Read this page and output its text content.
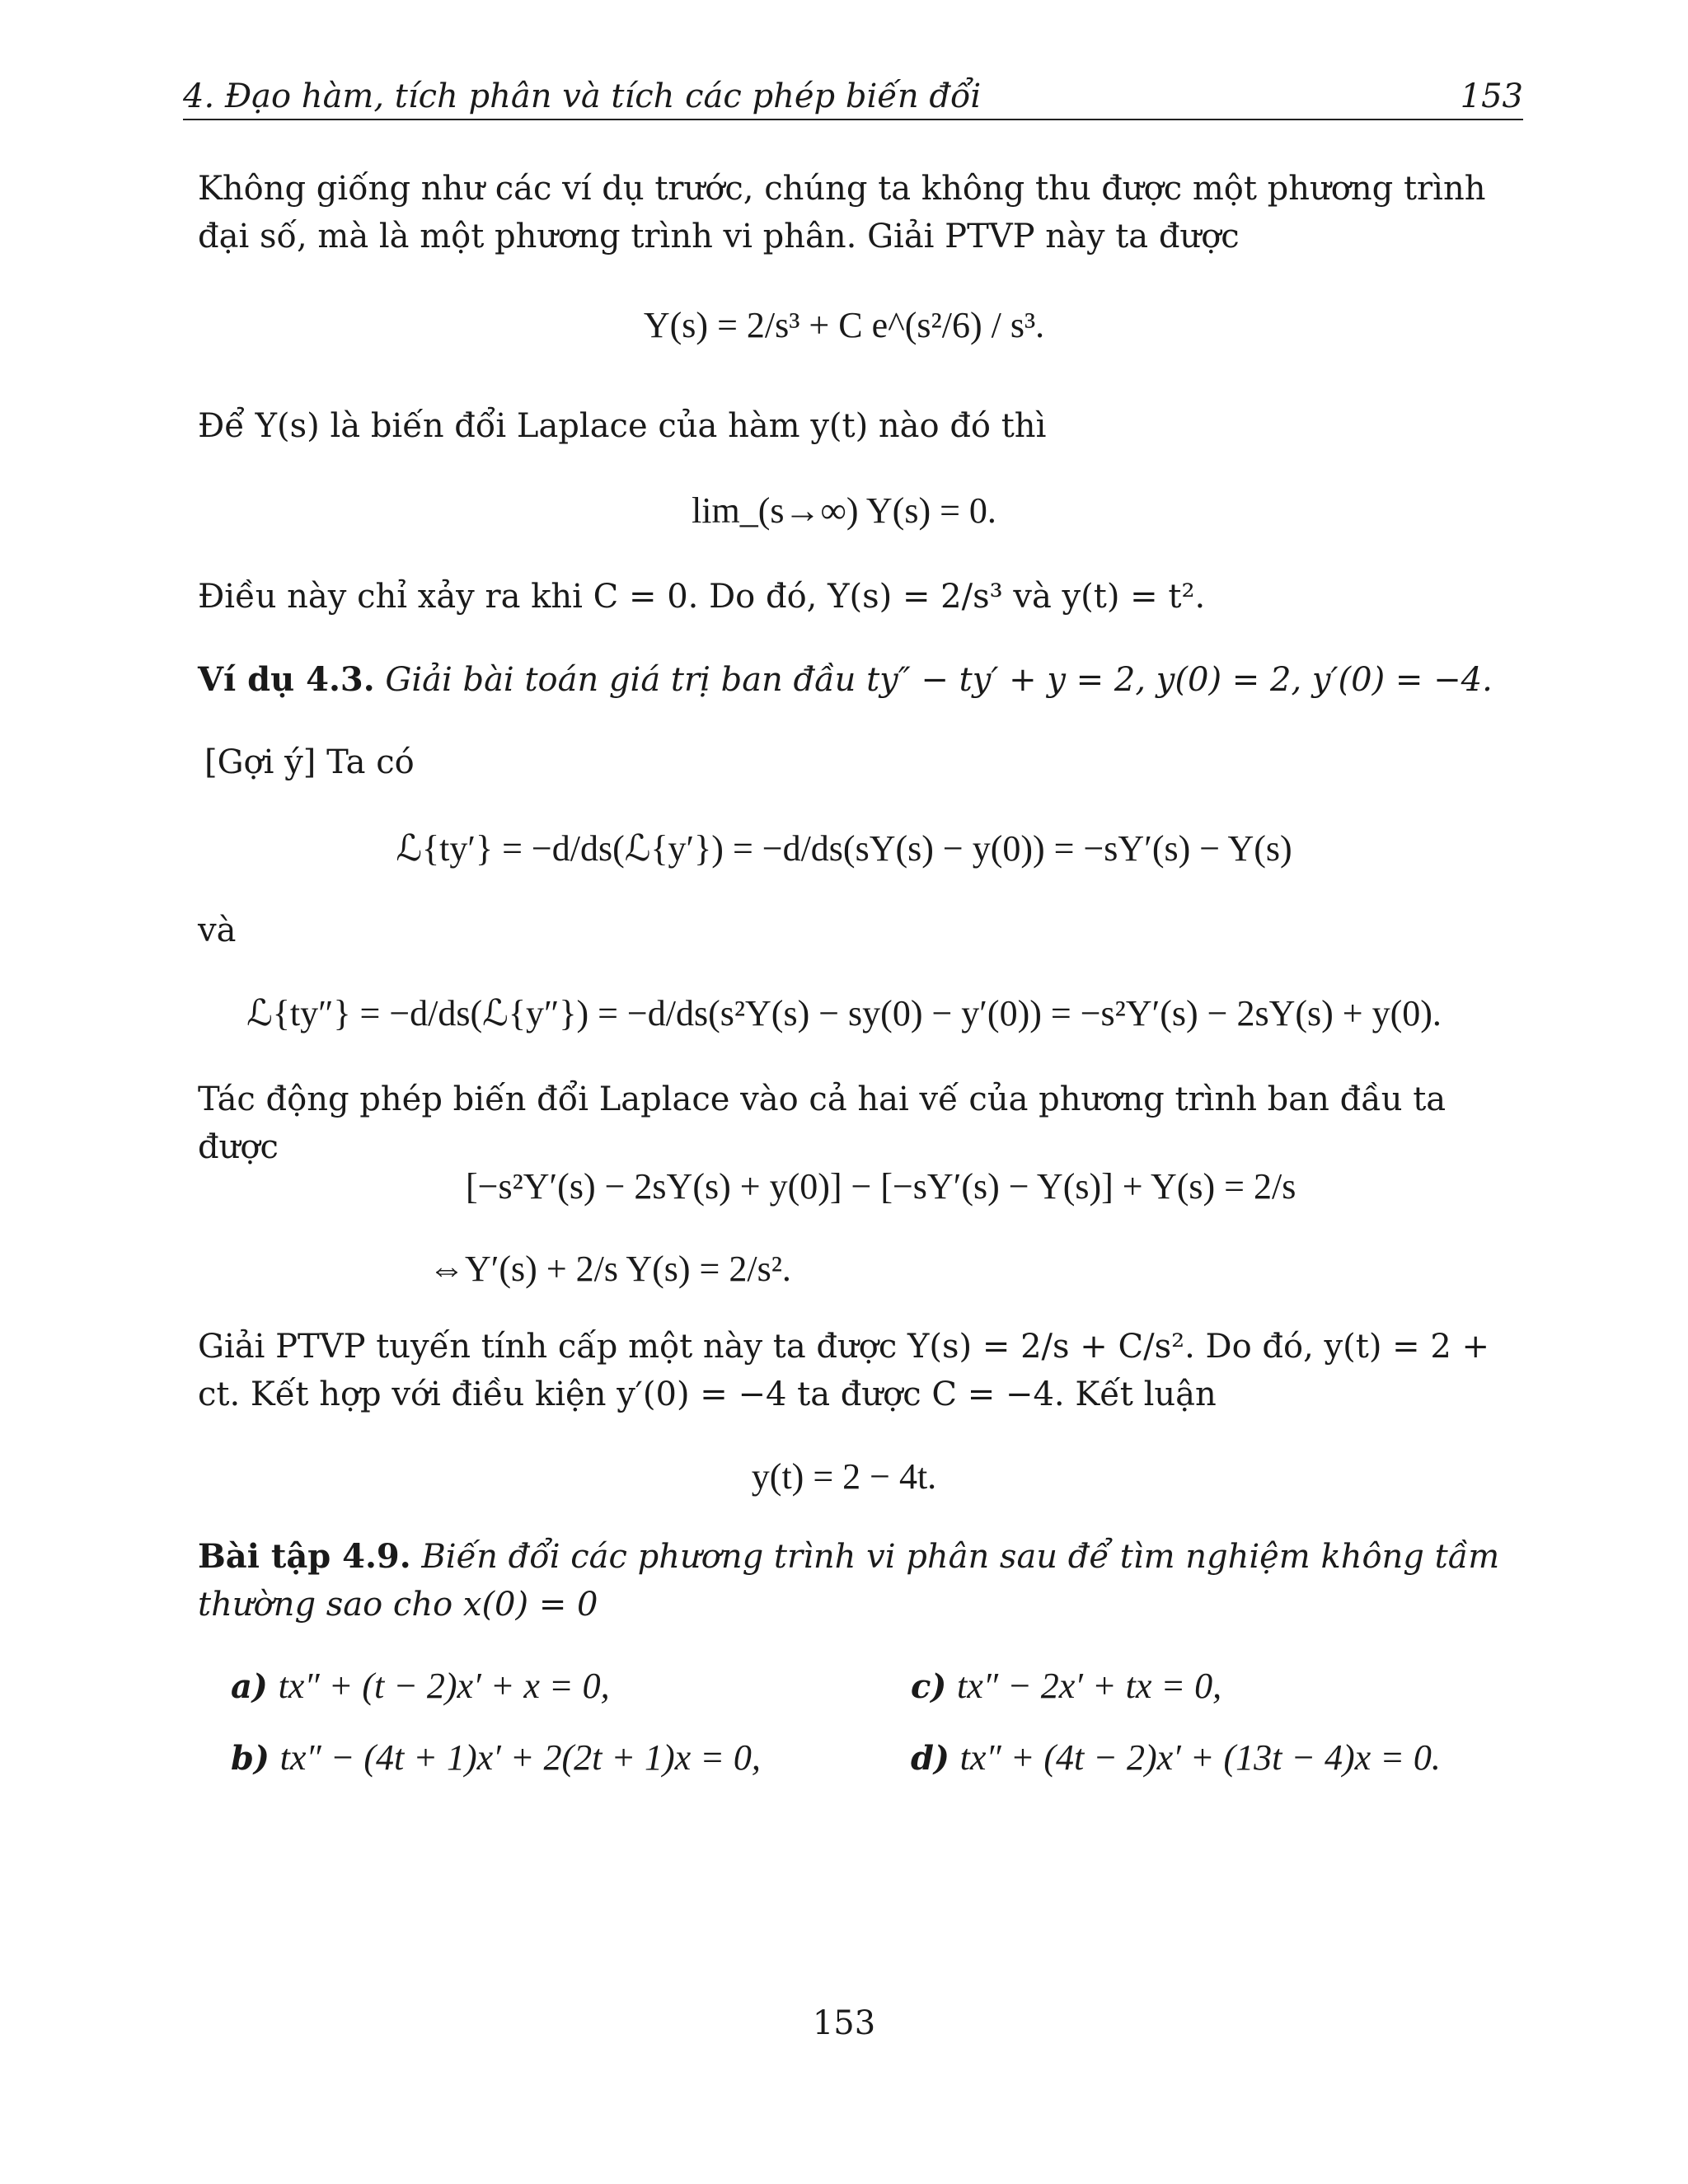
4. Đạo hàm, tích phân và tích các phép biến đổi	153
Không giống như các ví dụ trước, chúng ta không thu được một phương trình đại số, mà là một phương trình vi phân. Giải PTVP này ta được
Y(s) = 2/s³ + C e^(s²/6) / s³.
Để Y(s) là biến đổi Laplace của hàm y(t) nào đó thì
lim_(s→∞) Y(s) = 0.
Điều này chỉ xảy ra khi C = 0. Do đó, Y(s) = 2/s³ và y(t) = t².
Ví dụ 4.3. Giải bài toán giá trị ban đầu ty″ − ty′ + y = 2, y(0) = 2, y′(0) = −4.
[Gợi ý] Ta có
ℒ{ty′} = −d/ds(ℒ{y′}) = −d/ds(sY(s) − y(0)) = −sY′(s) − Y(s)
và
ℒ{ty″} = −d/ds(ℒ{y″}) = −d/ds(s²Y(s) − sy(0) − y′(0)) = −s²Y′(s) − 2sY(s) + y(0).
Tác động phép biến đổi Laplace vào cả hai vế của phương trình ban đầu ta được
[−s²Y′(s) − 2sY(s) + y(0)] − [−sY′(s) − Y(s)] + Y(s) = 2/s
⇔Y′(s) + 2/s Y(s) = 2/s².
Giải PTVP tuyến tính cấp một này ta được Y(s) = 2/s + C/s². Do đó, y(t) = 2 + ct. Kết hợp với điều kiện y′(0) = −4 ta được C = −4. Kết luận
y(t) = 2 − 4t.
Bài tập 4.9. Biến đổi các phương trình vi phân sau để tìm nghiệm không tầm thường sao cho x(0) = 0
a) tx″ + (t − 2)x′ + x = 0,
b) tx″ − (4t + 1)x′ + 2(2t + 1)x = 0,
c) tx″ − 2x′ + tx = 0,
d) tx″ + (4t − 2)x′ + (13t − 4)x = 0.
153
